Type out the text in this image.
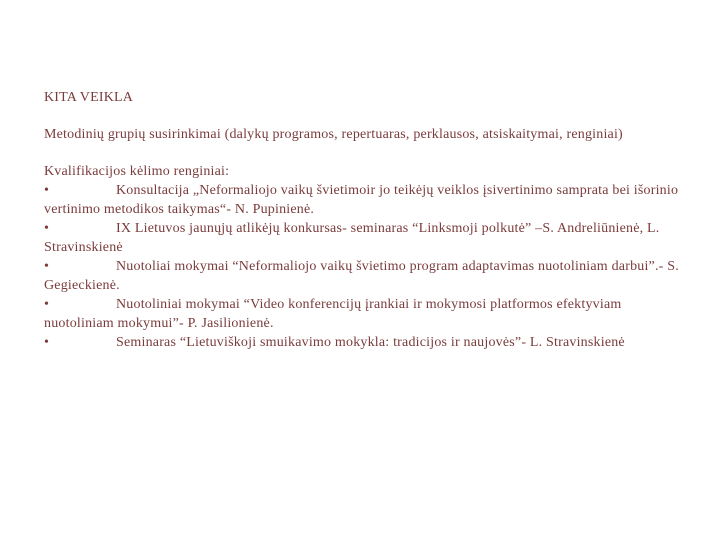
KITA VEIKLA

Metodinių grupių susirinkimai (dalykų programos, repertuaras, perklausos, atsiskaitymai, renginiai)

Kvalifikacijos kėlimo renginiai:

•	Konsultacija „Neformaliojo vaikų švietimoir jo teikėjų veiklos įsivertinimo samprata bei išorinio vertinimo metodikos taikymas“- N. Pupinienė.
•	IX Lietuvos jaunųjų atlikėjų konkursas- seminaras “Linksmoji polkutė” –S. Andreliūnienė, L. Stravinskienė
•	Nuotoliai mokymai “Neformaliojo vaikų švietimo program adaptavimas nuotoliniam darbui”.- S. Gegieckienė.
•	Nuotoliniai mokymai “Video konferencijų įrankiai ir mokymosi platformos efektyviam nuotoliniam mokymui”- P. Jasilionienė.
•	Seminaras “Lietuviškoji smuikavimo mokykla: tradicijos ir naujovės”- L. Stravinskienė
